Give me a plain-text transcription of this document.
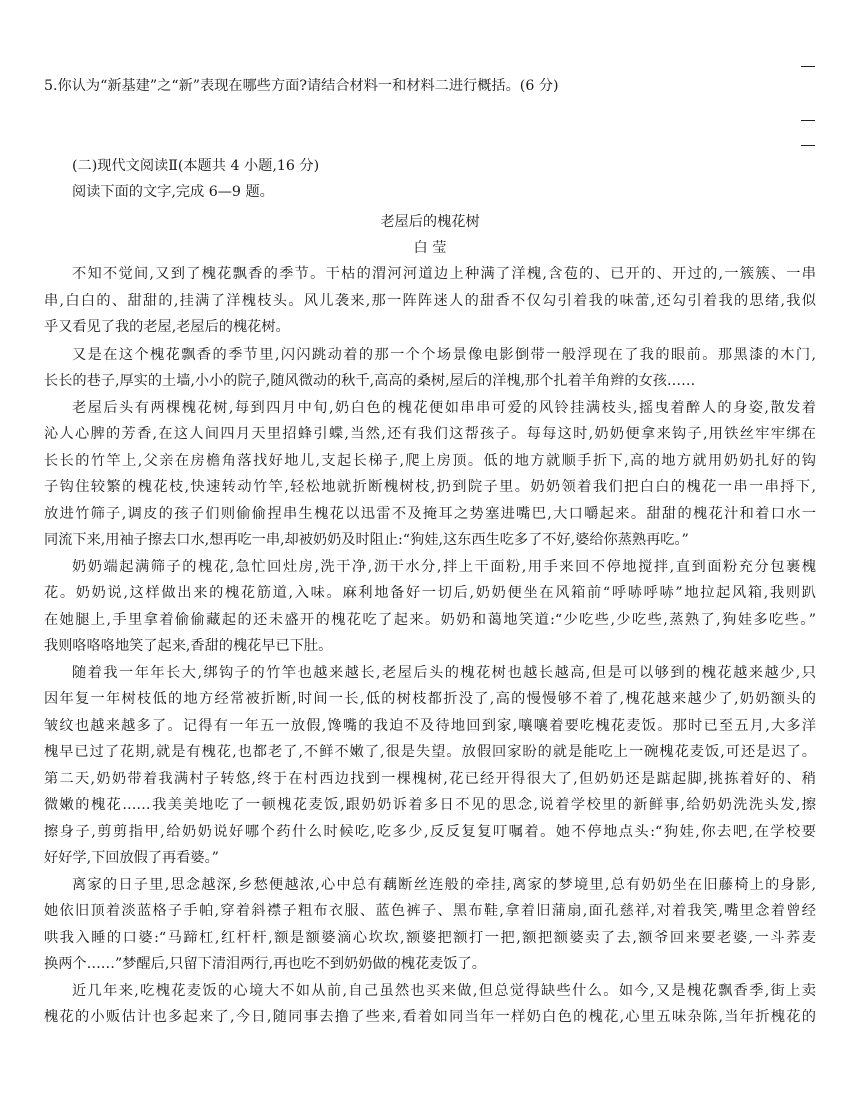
5.你认为“新基建”之“新”表现在哪些方面?请结合材料一和材料二进行概括。(6 分)
(二)现代文阅读Ⅱ(本题共 4 小题,16 分)
阅读下面的文字,完成 6—9 题。
老屋后的槐花树
白 莹
不知不觉间,又到了槐花飘香的季节。干枯的渭河河道边上种满了洋槐,含苞的、已开的、开过的,一簇簇、一串
串,白白的、甜甜的,挂满了洋槐枝头。风儿袭来,那一阵阵迷人的甜香不仅勾引着我的味蕾,还勾引着我的思绪,我似
乎又看见了我的老屋,老屋后的槐花树。
又是在这个槐花飘香的季节里,闪闪跳动着的那一个个场景像电影倒带一般浮现在了我的眼前。那黑漆的木门,
长长的巷子,厚实的土墙,小小的院子,随风微动的秋千,高高的桑树,屋后的洋槐,那个扎着羊角辫的女孩……
老屋后头有两棵槐花树,每到四月中旬,奶白色的槐花便如串串可爱的风铃挂满枝头,摇曳着醉人的身姿,散发着
沁人心脾的芳香,在这人间四月天里招蜂引蝶,当然,还有我们这帮孩子。每每这时,奶奶便拿来钩子,用铁丝牢牢绑在
长长的竹竿上,父亲在房檐角落找好地儿,支起长梯子,爬上房顶。低的地方就顺手折下,高的地方就用奶奶扎好的钩
子钩住较繁的槐花枝,快速转动竹竿,轻松地就折断槐树枝,扔到院子里。奶奶领着我们把白白的槐花一串一串捋下,
放进竹筛子,调皮的孩子们则偷偷捏串生槐花以迅雷不及掩耳之势塞进嘴巴,大口嚼起来。甜甜的槐花汁和着口水一
同流下来,用袖子擦去口水,想再吃一串,却被奶奶及时阻止:“狗娃,这东西生吃多了不好,婆给你蒸熟再吃。”
奶奶端起满筛子的槐花,急忙回灶房,洗干净,沥干水分,拌上干面粉,用手来回不停地搅拌,直到面粉充分包裹槐
花。奶奶说,这样做出来的槐花筋道,入味。麻利地备好一切后,奶奶便坐在风箱前“呼哧呼哧”地拉起风箱,我则趴
在她腿上,手里拿着偷偷藏起的还未盛开的槐花吃了起来。奶奶和蔼地笑道:“少吃些,少吃些,蒸熟了,狗娃多吃些。”
我则咯咯咯地笑了起来,香甜的槐花早已下肚。
随着我一年年长大,绑钩子的竹竿也越来越长,老屋后头的槐花树也越长越高,但是可以够到的槐花越来越少,只
因年复一年树枝低的地方经常被折断,时间一长,低的树枝都折没了,高的慢慢够不着了,槐花越来越少了,奶奶额头的
皱纹也越来越多了。记得有一年五一放假,馋嘴的我迫不及待地回到家,嚷嚷着要吃槐花麦饭。那时已至五月,大多洋
槐早已过了花期,就是有槐花,也都老了,不鲜不嫩了,很是失望。放假回家盼的就是能吃上一碗槐花麦饭,可还是迟了。
第二天,奶奶带着我满村子转悠,终于在村西边找到一棵槐树,花已经开得很大了,但奶奶还是踮起脚,挑拣着好的、稍
微嫩的槐花……我美美地吃了一顿槐花麦饭,跟奶奶诉着多日不见的思念,说着学校里的新鲜事,给奶奶洗洗头发,擦
擦身子,剪剪指甲,给奶奶说好哪个药什么时候吃,吃多少,反反复复叮嘱着。她不停地点头:“狗娃,你去吧,在学校要
好好学,下回放假了再看婆。”
离家的日子里,思念越深,乡愁便越浓,心中总有藕断丝连般的牵挂,离家的梦境里,总有奶奶坐在旧藤椅上的身影,
她依旧顶着淡蓝格子手帕,穿着斜襟子粗布衣服、蓝色裤子、黑布鞋,拿着旧蒲扇,面孔慈祥,对着我笑,嘴里念着曾经
哄我入睡的口婆:“马蹄杠,红杆杆,额是额婆滴心坎坎,额婆把额打一把,额把额婆卖了去,额爷回来要老婆,一斗荞麦
换两个……”梦醒后,只留下清泪两行,再也吃不到奶奶做的槐花麦饭了。
近几年来,吃槐花麦饭的心境大不如从前,自己虽然也买来做,但总觉得缺些什么。如今,又是槐花飘香季,街上卖
槐花的小贩估计也多起来了,今日,随同事去撸了些来,看着如同当年一样奶白色的槐花,心里五味杂陈,当年折槐花的
